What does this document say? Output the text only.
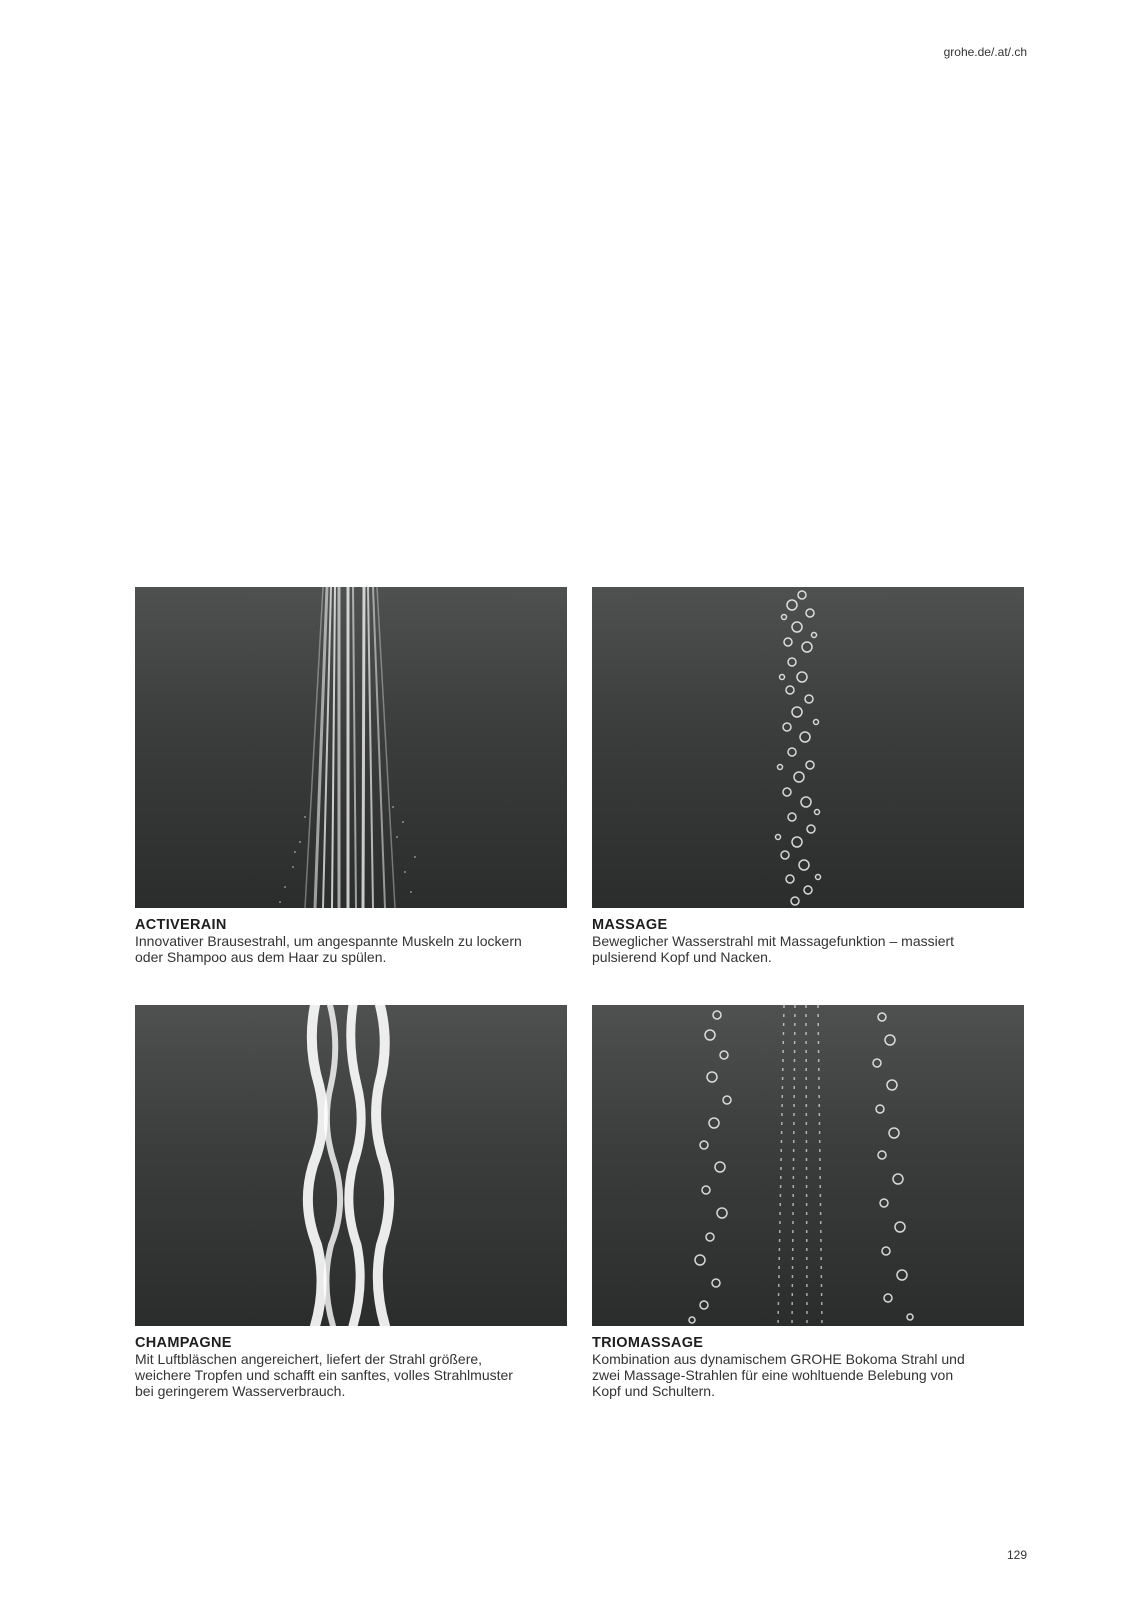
grohe.de/.at/.ch
ACTIVERAIN
Innovativer Brausestrahl, um angespannte Muskeln zu lockern
oder Shampoo aus dem Haar zu spülen.
MASSAGE
Beweglicher Wasserstrahl mit Massagefunktion – massiert
pulsierend Kopf und Nacken.
CHAMPAGNE
Mit Luftbläschen angereichert, liefert der Strahl größere,
weichere Tropfen und schafft ein sanftes, volles Strahlmuster
bei geringerem Wasserverbrauch.
TRIOMASSAGE
Kombination aus dynamischem GROHE Bokoma Strahl und
zwei Massage-Strahlen für eine wohltuende Belebung von
Kopf und Schultern.
129
